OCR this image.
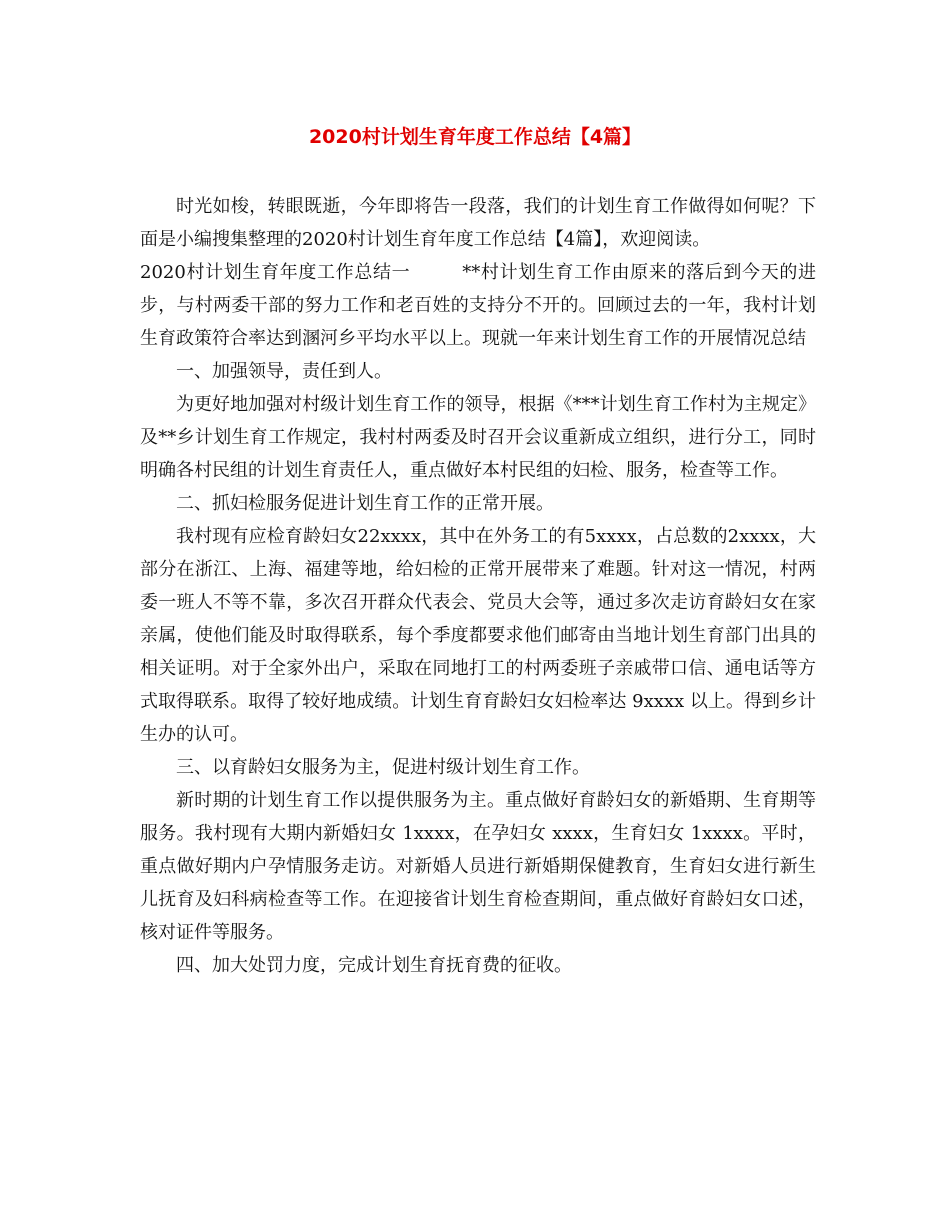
2020村计划生育年度工作总结【4篇】

时光如梭，转眼既逝，今年即将告一段落，我们的计划生育工作做得如何呢？下面是小编搜集整理的2020村计划生育年度工作总结【4篇】，欢迎阅读。

2020村计划生育年度工作总结一	**村计划生育工作由原来的落后到今天的进步，与村两委干部的努力工作和老百姓的支持分不开的。回顾过去的一年，我村计划生育政策符合率达到溷河乡平均水平以上。现就一年来计划生育工作的开展情况总结

一、加强领导，责任到人。

为更好地加强对村级计划生育工作的领导，根据《***计划生育工作村为主规定》及**乡计划生育工作规定，我村村两委及时召开会议重新成立组织，进行分工，同时明确各村民组的计划生育责任人，重点做好本村民组的妇检、服务，检查等工作。

二、抓妇检服务促进计划生育工作的正常开展。

我村现有应检育龄妇女22xxxx，其中在外务工的有5xxxx，占总数的2xxxx，大部分在浙江、上海、福建等地，给妇检的正常开展带来了难题。针对这一情况，村两委一班人不等不靠，多次召开群众代表会、党员大会等，通过多次走访育龄妇女在家亲属，使他们能及时取得联系，每个季度都要求他们邮寄由当地计划生育部门出具的相关证明。对于全家外出户，采取在同地打工的村两委班子亲戚带口信、通电话等方式取得联系。取得了较好地成绩。计划生育育龄妇女妇检率达 9xxxx 以上。得到乡计生办的认可。

三、以育龄妇女服务为主，促进村级计划生育工作。

新时期的计划生育工作以提供服务为主。重点做好育龄妇女的新婚期、生育期等服务。我村现有大期内新婚妇女 1xxxx，在孕妇女 xxxx，生育妇女 1xxxx。平时，重点做好期内户孕情服务走访。对新婚人员进行新婚期保健教育，生育妇女进行新生儿抚育及妇科病检查等工作。在迎接省计划生育检查期间，重点做好育龄妇女口述，核对证件等服务。

四、加大处罚力度，完成计划生育抚育费的征收。
